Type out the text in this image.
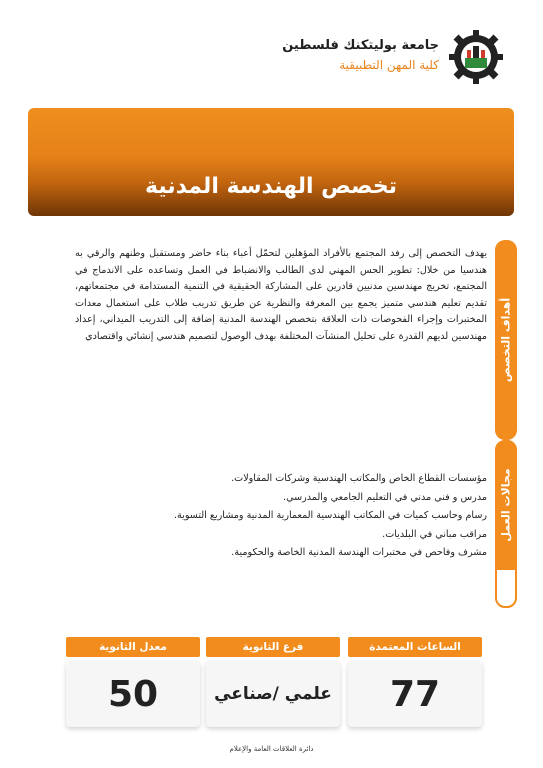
جامعة بوليتكنك فلسطين
كلية المهن التطبيقية
تخصص الهندسة المدنية
أهداف التخصص
يهدف التخصص إلى رفد المجتمع بالأفراد المؤهلين لتحمّل أعباء بناء حاضر ومستقبل وطنهم والرقي به هندسيا من خلال: تطوير الحس المهني لدى الطالب والانضباط في العمل وتساعده على الاندماج في المجتمع، تخريج مهندسين مدنيين قادرين على المشاركة الحقيقية في التنمية المستدامة في مجتمعاتهم، تقديم تعليم هندسي متميز يجمع بين المعرفة والنظرية عن طريق تدريب طلاب على استعمال معدات المختبرات وإجراء الفحوصات ذات العلاقة بتخصص الهندسة المدنية إضافة إلى التدريب الميداني، إعداد مهندسين لديهم القدرة على تحليل المنشآت المختلفة بهدف الوصول لتصميم هندسي إنشائي واقتصادي
مجالات العمل
مؤسسات القطاع الخاص والمكاتب الهندسية وشركات المقاولات.
مدرس و فني مدني في التعليم الجامعي والمدرسي.
رسام وحاسب كميات في المكاتب الهندسية المعمارية المدنية ومشاريع التسوية.
مراقب مباني في البلديات.
مشرف وفاحص في مختبرات الهندسة المدنية الخاصة والحكومية.
الساعات المعتمدة
77
فرع الثانوية
علمي /صناعي
معدل الثانوية
50
دائرة العلاقات العامة والإعلام
